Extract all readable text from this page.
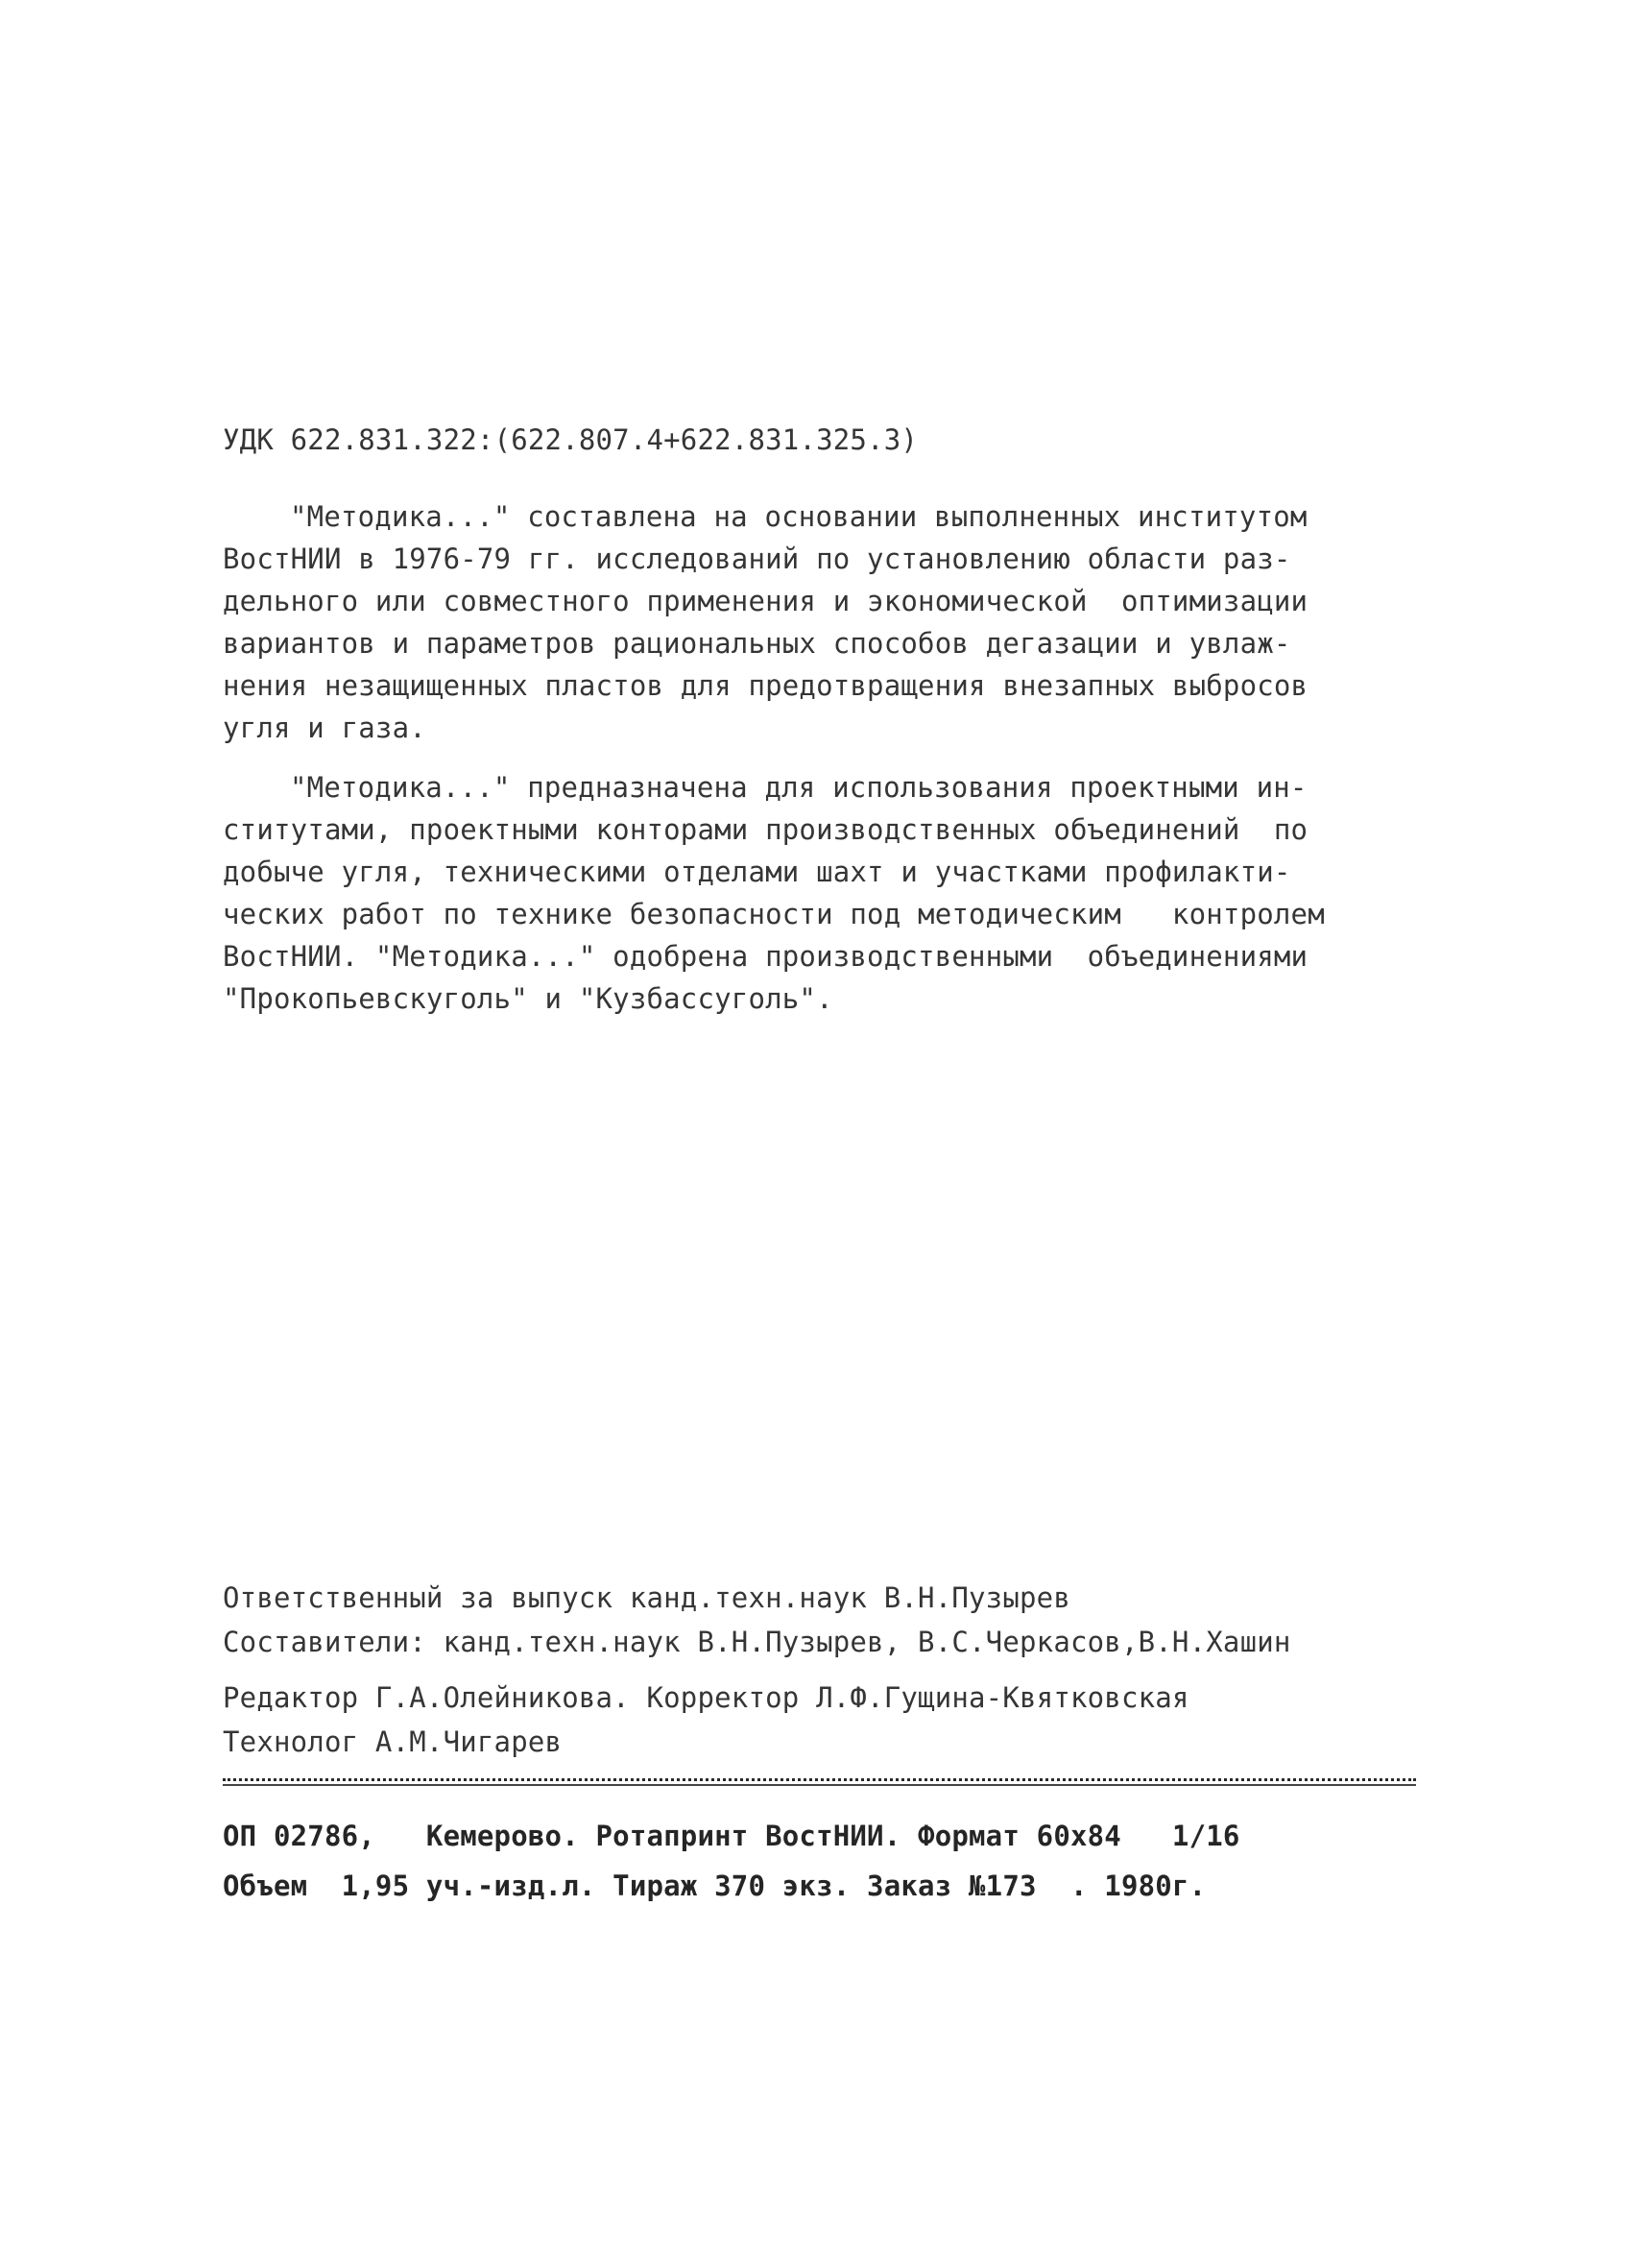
УДК 622.831.322:(622.807.4+622.831.325.3)
"Методика..." составлена на основании выполненных институтом
ВостНИИ в 1976-79 гг. исследований по установлению области раз-
дельного или совместного применения и экономической  оптимизации
вариантов и параметров рациональных способов дегазации и увлаж-
нения незащищенных пластов для предотвращения внезапных выбросов
угля и газа.
"Методика..." предназначена для использования проектными ин-
ститутами, проектными конторами производственных объединений  по
добыче угля, техническими отделами шахт и участками профилакти-
ческих работ по технике безопасности под методическим   контролем
ВостНИИ. "Методика..." одобрена производственными  объединениями
"Прокопьевскуголь" и "Кузбассуголь".
Ответственный за выпуск канд.техн.наук В.Н.Пузырев
Составители: канд.техн.наук В.Н.Пузырев, В.С.Черкасов,В.Н.Хашин
Редактор Г.А.Олейникова. Корректор Л.Ф.Гущина-Квятковская
Технолог А.М.Чигарев
ОП 02786,   Кемерово. Ротапринт ВостНИИ. Формат 60х84   1/16
Объем  1,95 уч.-изд.л. Тираж 370 экз. Заказ №173  . 1980г.
